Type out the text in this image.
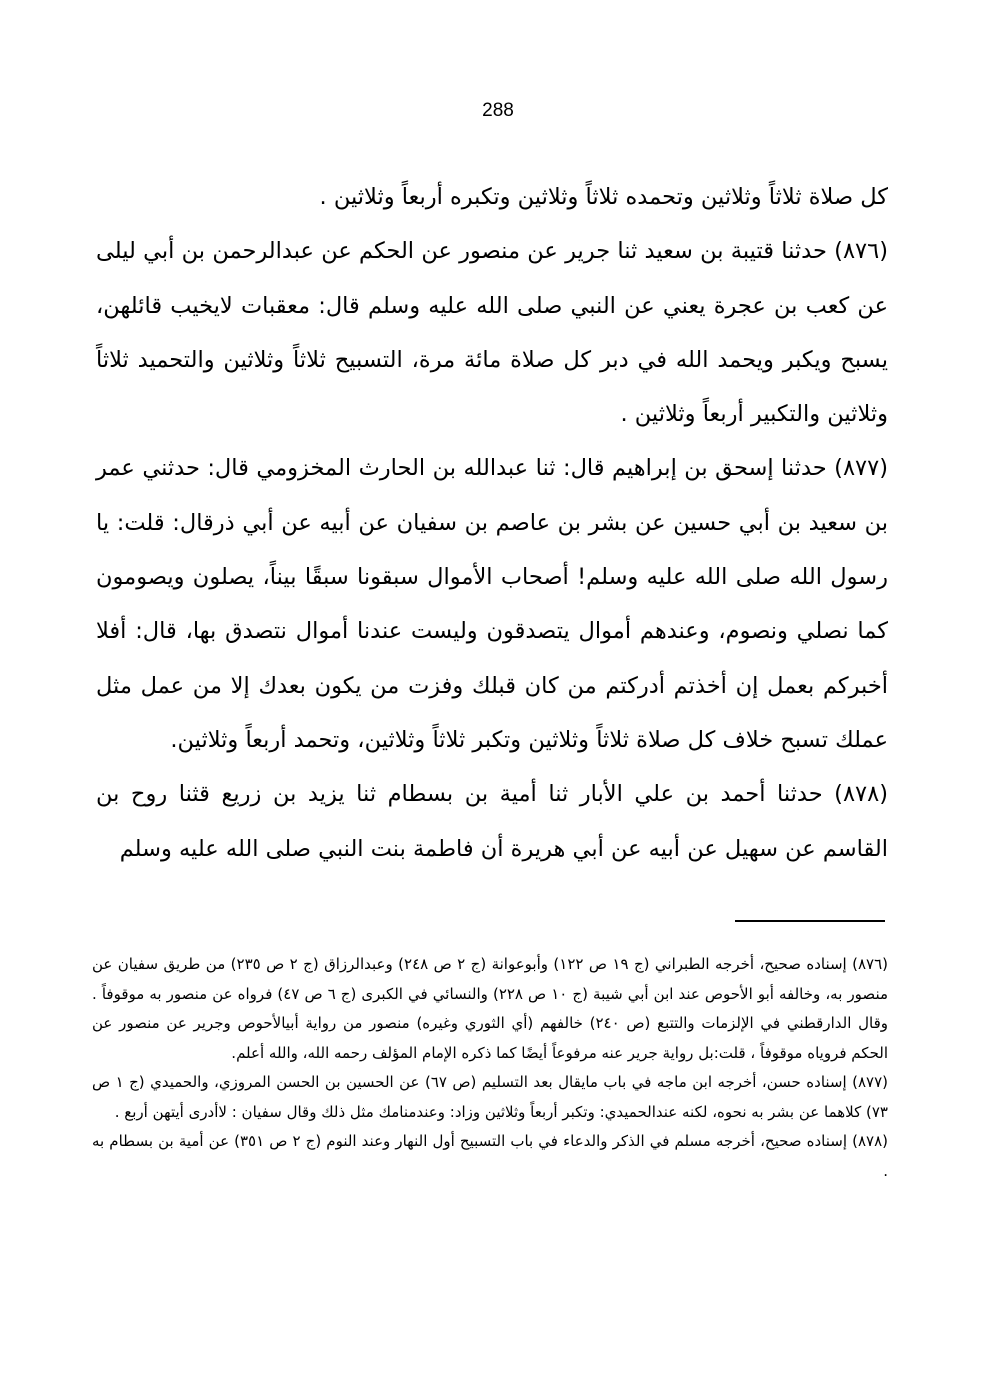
288

كل صلاة ثلاثاً وثلاثين وتحمده ثلاثاً وثلاثين وتكبره أربعاً وثلاثين .

(٨٧٦) حدثنا قتيبة بن سعيد ثنا جرير عن منصور عن الحكم عن عبدالرحمن بن أبي ليلى عن كعب بن عجرة يعني عن النبي صلى الله عليه وسلم قال: معقبات لايخيب قائلهن، يسبح ويكبر ويحمد الله في دبر كل صلاة مائة مرة، التسبيح ثلاثاً وثلاثين والتحميد ثلاثاً وثلاثين والتكبير أربعاً وثلاثين .

(٨٧٧) حدثنا إسحق بن إبراهيم قال: ثنا عبدالله بن الحارث المخزومي قال: حدثني عمر بن سعيد بن أبي حسين عن بشر بن عاصم بن سفيان عن أبيه عن أبي ذرقال: قلت: يا رسول الله صلى الله عليه وسلم! أصحاب الأموال سبقونا سبقًا بيناً، يصلون ويصومون كما نصلي ونصوم، وعندهم أموال يتصدقون وليست عندنا أموال نتصدق بها، قال: أفلا أخبركم بعمل إن أخذتم أدركتم من كان قبلك وفزت من يكون بعدك إلا من عمل مثل عملك تسبح خلاف كل صلاة ثلاثاً وثلاثين وتكبر ثلاثاً وثلاثين، وتحمد أربعاً وثلاثين.

(٨٧٨) حدثنا أحمد بن علي الأبار ثنا أمية بن بسطام ثنا يزيد بن زريع قثنا روح بن القاسم عن سهيل عن أبيه عن أبي هريرة أن فاطمة بنت النبي صلى الله عليه وسلم

(٨٧٦) إسناده صحيح، أخرجه الطبراني (ج ١٩ ص ١٢٢) وأبوعوانة (ج ٢ ص ٢٤٨) وعبدالرزاق (ج ٢ ص ٢٣٥) من طريق سفيان عن منصور به، وخالفه أبو الأحوص عند ابن أبي شيبة (ج ١٠ ص ٢٢٨) والنسائي في الكبرى (ج ٦ ص ٤٧) فرواه عن منصور به موقوفاً . وقال الدارقطني في الإلزمات والتتبع (ص ٢٤٠) خالفهم (أي الثوري وغيره) منصور من رواية أبيالأحوص وجرير عن منصور عن الحكم فروياه موقوفاً ، قلت:بل رواية جرير عنه مرفوعاً أيضًا كما ذكره الإمام المؤلف رحمه الله، والله أعلم.

(٨٧٧) إسناده حسن، أخرجه ابن ماجه في باب مايقال بعد التسليم (ص ٦٧) عن الحسين بن الحسن المروزي، والحميدي (ج ١ ص ٧٣) كلاهما عن بشر به نحوه، لكنه عندالحميدي: وتكبر أربعاً وثلاثين وزاد: وعندمنامك مثل ذلك وقال سفيان : لاأدرى أيتهن أربع .

(٨٧٨) إسناده صحيح، أخرجه مسلم في الذكر والدعاء في باب التسبيح أول النهار وعند النوم (ج ٢ ص ٣٥١) عن أمية بن بسطام به .
